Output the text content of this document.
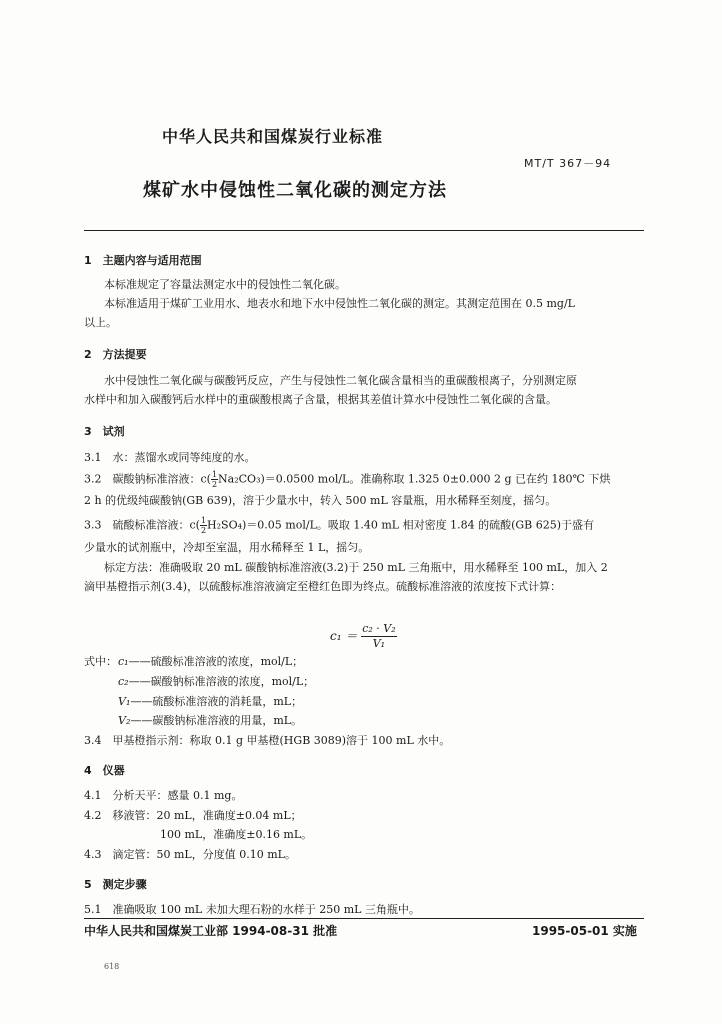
中华人民共和国煤炭行业标准
MT/T 367－94
煤矿水中侵蚀性二氧化碳的测定方法
1　主题内容与适用范围
本标准规定了容量法测定水中的侵蚀性二氧化碳。
本标准适用于煤矿工业用水、地表水和地下水中侵蚀性二氧化碳的测定。其测定范围在 0.5 mg/L
以上。
2　方法提要
水中侵蚀性二氧化碳与碳酸钙反应，产生与侵蚀性二氧化碳含量相当的重碳酸根离子，分别测定原
水样中和加入碳酸钙后水样中的重碳酸根离子含量，根据其差值计算水中侵蚀性二氧化碳的含量。
3　试剂
3.1　水：蒸馏水或同等纯度的水。
3.2　碳酸钠标准溶液：$c( \frac{1}{2} Na_2CO_3)=0.0500$ mol/L。准确称取 1.325 0±0.000 2 g 已在约 180℃ 下烘
2 h 的优级纯碳酸钠(GB 639)，溶于少量水中，转入 500 mL 容量瓶，用水稀释至刻度，摇匀。
3.3　硫酸标准溶液：$c( \frac{1}{2} H_2SO_4)=0.05$ mol/L。吸取 1.40 mL 相对密度 1.84 的硫酸(GB 625)于盛有
少量水的试剂瓶中，冷却至室温，用水稀释至 1 L，摇匀。
标定方法：准确吸取 20 mL 碳酸钠标准溶液(3.2)于 250 mL 三角瓶中，用水稀释至 100 mL，加入 2
滴甲基橙指示剂(3.4)，以硫酸标准溶液滴定至橙红色即为终点。硫酸标准溶液的浓度按下式计算：
$c_1 = \frac{\text{c₂ · V₂}}{\text{V₁}}$
式中： c₁——硫酸标准溶液的浓度，mol/L；
c₂——碳酸钠标准溶液的浓度，mol/L；
V₁——硫酸标准溶液的消耗量，mL；
V₂——碳酸钠标准溶液的用量，mL。
3.4　甲基橙指示剂：称取 0.1 g 甲基橙(HGB 3089)溶于 100 mL 水中。
4　仪器
4.1　分析天平：感量 0.1 mg。
4.2　移液管：20 mL，准确度±0.04 mL；
100 mL，准确度±0.16 mL。
4.3　滴定管：50 mL，分度值 0.10 mL。
5　测定步骤
5.1　准确吸取 100 mL 未加大理石粉的水样于 250 mL 三角瓶中。
中华人民共和国煤炭工业部 1994-08-31 批准	1995-05-01 实施
618
